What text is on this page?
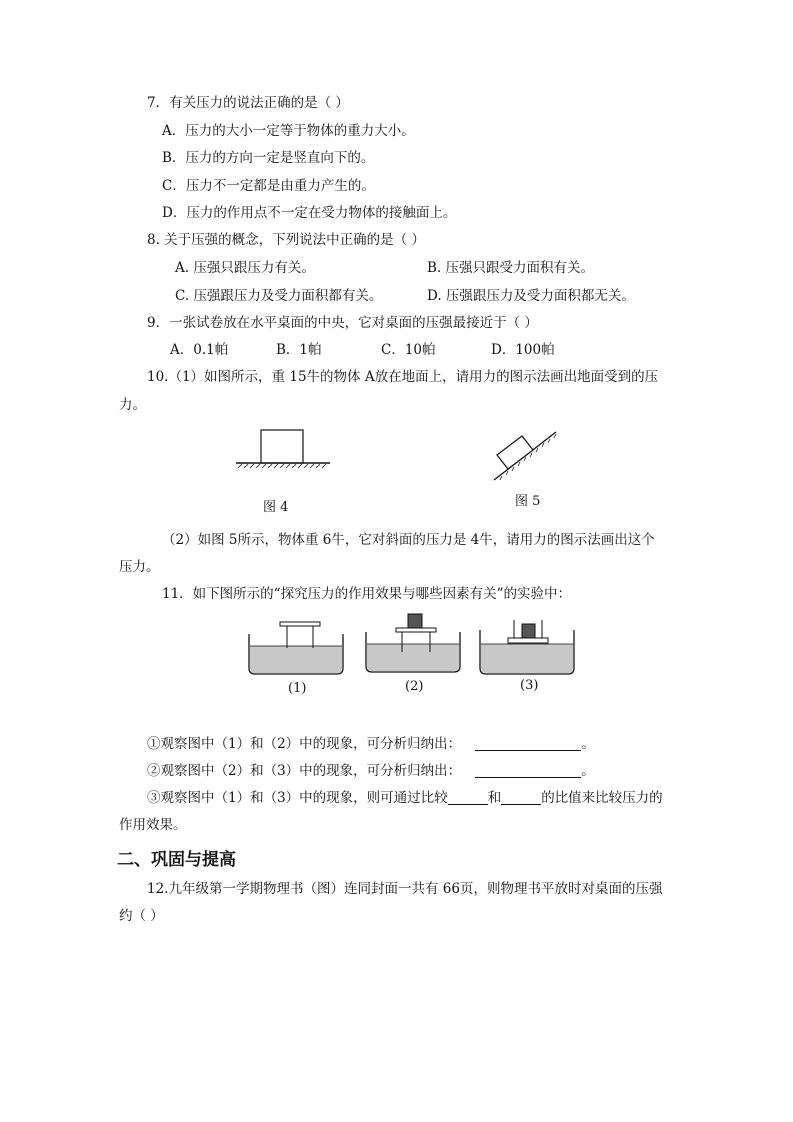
7．有关压力的说法正确的是（ ）
A．压力的大小一定等于物体的重力大小。
B．压力的方向一定是竖直向下的。
C．压力不一定都是由重力产生的。
D．压力的作用点不一定在受力物体的接触面上。
8. 关于压强的概念，下列说法中正确的是（ ）
A. 压强只跟压力有关。	B. 压强只跟受力面积有关。
C. 压强跟压力及受力面积都有关。	D. 压强跟压力及受力面积都无关。
9．一张试卷放在水平桌面的中央，它对桌面的压强最接近于（ ）
A．0.1帕	B．1帕	C．10帕	D．100帕
10.（1）如图所示，重 15牛的物体 A放在地面上，请用力的图示法画出地面受到的压
力。
图 4	图 5
（2）如图 5所示，物体重 6牛，它对斜面的压力是 4牛，请用力的图示法画出这个
压力。
11．如下图所示的“探究压力的作用效果与哪些因素有关”的实验中：
(1)	(2)	(3)
①观察图中（1）和（2）中的现象，可分析归纳出：	。
②观察图中（2）和（3）中的现象，可分析归纳出：	。
③观察图中（1）和（3）中的现象，则可通过比较	和	的比值来比较压力的
作用效果。
二、巩固与提高
12.九年级第一学期物理书（图）连同封面一共有 66页，则物理书平放时对桌面的压强
约（ ）
